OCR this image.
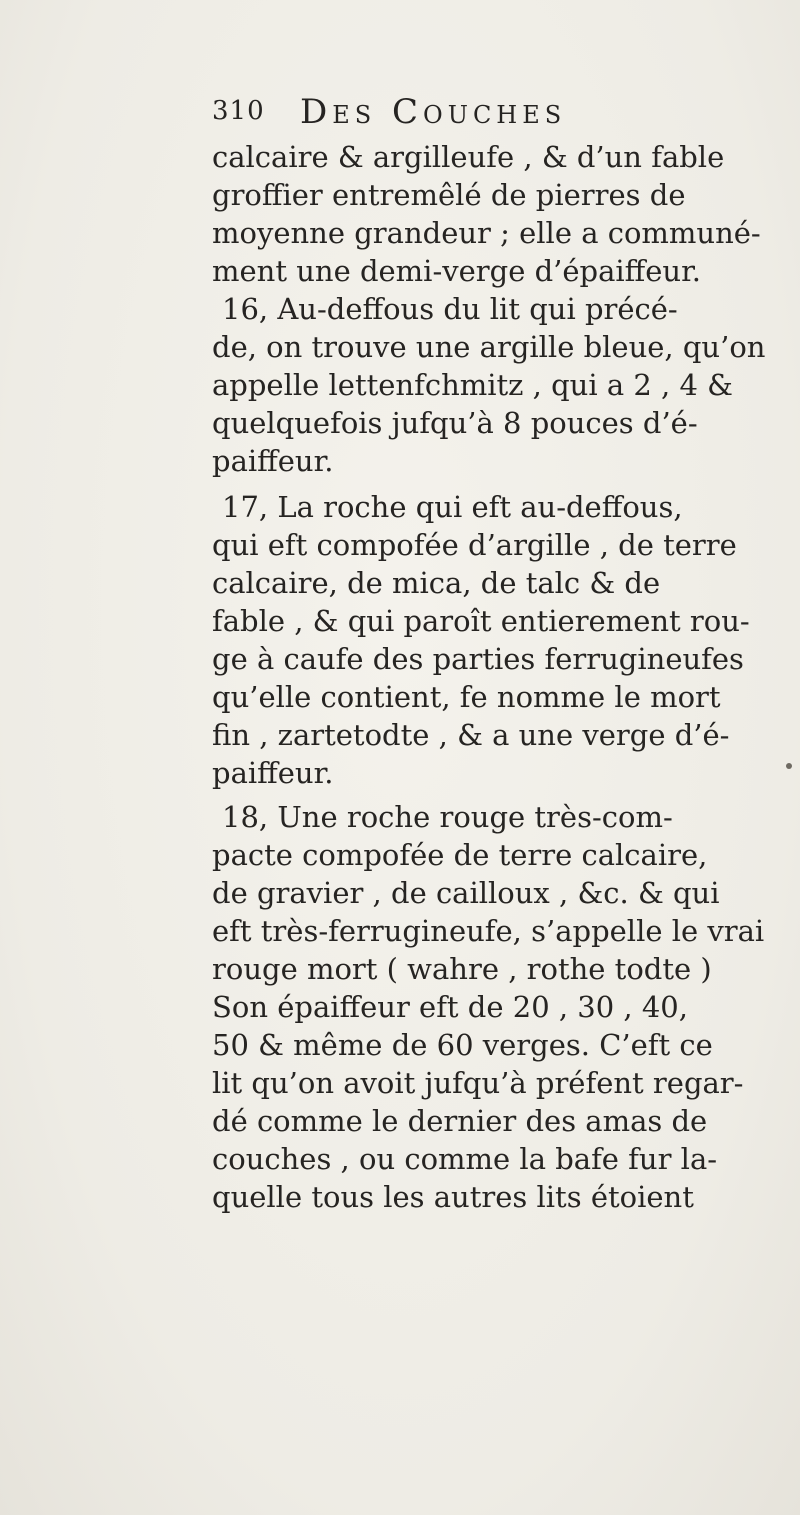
310 Des Couches
calcaire & argilleufe , & d’un fable
groffier entremêlé de pierres de
moyenne grandeur ; elle a communé-
ment une demi-verge d’épaiffeur.
16, Au-deffous du lit qui précé-
de, on trouve une argille bleue, qu’on
appelle lettenfchmitz , qui a 2 , 4 &
quelquefois jufqu’à 8 pouces d’é-
paiffeur.
17, La roche qui eft au-deffous,
qui eft compofée d’argille , de terre
calcaire, de mica, de talc & de
fable , & qui paroît entierement rou-
ge à caufe des parties ferrugineufes
qu’elle contient, fe nomme le mort
fin , zartetodte , & a une verge d’é-
paiffeur.
18, Une roche rouge très-com-
pacte compofée de terre calcaire,
de gravier , de cailloux , &c. & qui
eft très-ferrugineufe, s’appelle le vrai
rouge mort ( wahre , rothe todte )
Son épaiffeur eft de 20 , 30 , 40,
50 & même de 60 verges. C’eft ce
lit qu’on avoit jufqu’à préfent regar-
dé comme le dernier des amas de
couches , ou comme la bafe fur la-
quelle tous les autres lits étoient
